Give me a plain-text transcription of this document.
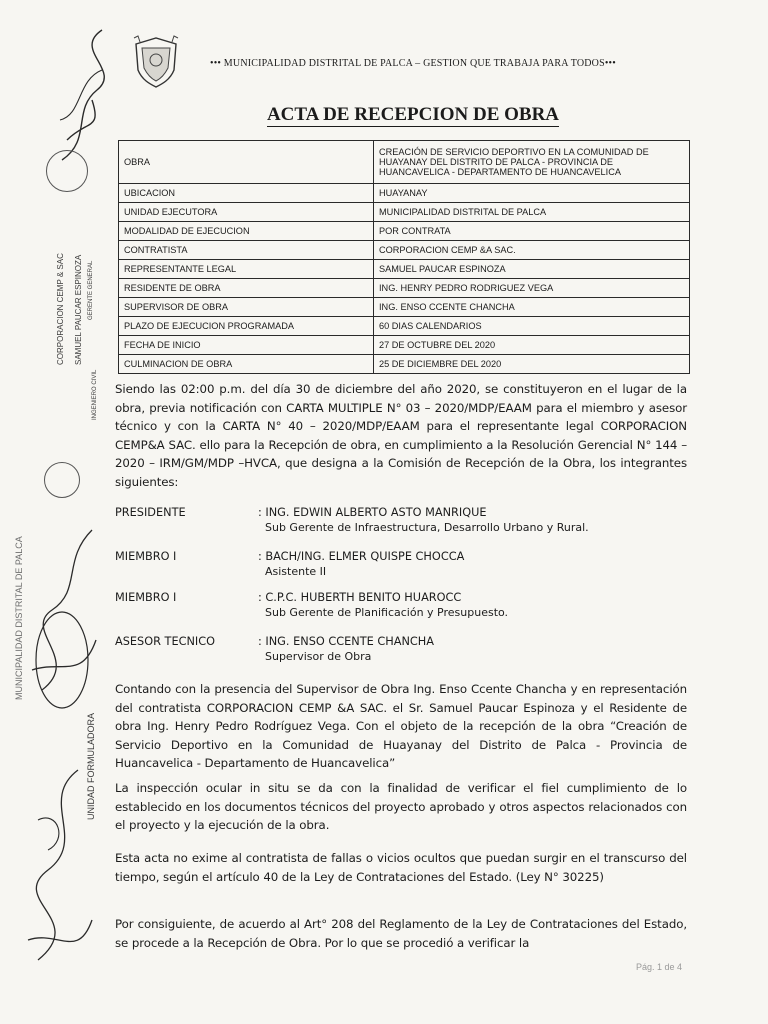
CORPORACION CEMP & SAC SAMUEL PAUCAR ESPINOZA GERENTE GENERAL
INGENIERO CIVIL
MUNICIPALIDAD DISTRITAL DE PALCA
UNIDAD FORMULADORA
••• MUNICIPALIDAD DISTRITAL DE PALCA – GESTION QUE TRABAJA PARA TODOS•••
ACTA DE RECEPCION DE OBRA
OBRA	CREACIÓN DE SERVICIO DEPORTIVO EN LA COMUNIDAD DE HUAYANAY DEL DISTRITO DE PALCA - PROVINCIA DE HUANCAVELICA - DEPARTAMENTO DE HUANCAVELICA
UBICACION	HUAYANAY
UNIDAD EJECUTORA	MUNICIPALIDAD DISTRITAL DE PALCA
MODALIDAD DE EJECUCION	POR CONTRATA
CONTRATISTA	CORPORACION CEMP &A SAC.
REPRESENTANTE LEGAL	SAMUEL PAUCAR ESPINOZA
RESIDENTE DE OBRA	ING. HENRY PEDRO RODRIGUEZ VEGA
SUPERVISOR DE OBRA	ING. ENSO CCENTE CHANCHA
PLAZO DE EJECUCION PROGRAMADA	60 DIAS CALENDARIOS
FECHA DE INICIO	27 DE OCTUBRE DEL 2020
CULMINACION DE OBRA	25 DE DICIEMBRE DEL 2020

Siendo las 02:00 p.m. del día 30 de diciembre del año 2020, se constituyeron en el lugar de la obra, previa notificación con CARTA MULTIPLE N° 03 – 2020/MDP/EAAM para el miembro y asesor técnico y con la CARTA N° 40 – 2020/MDP/EAAM para el representante legal CORPORACION CEMP&A SAC. ello para la Recepción de obra, en cumplimiento a la Resolución Gerencial N° 144 – 2020 – IRM/GM/MDP –HVCA, que designa a la Comisión de Recepción de la Obra, los integrantes siguientes:

PRESIDENTE	: ING. EDWIN ALBERTO ASTO MANRIQUE
Sub Gerente de Infraestructura, Desarrollo Urbano y Rural.
MIEMBRO I	: BACH/ING. ELMER QUISPE CHOCCA
Asistente II
MIEMBRO I	: C.P.C. HUBERTH BENITO HUAROCC
Sub Gerente de Planificación y Presupuesto.
ASESOR TECNICO	: ING. ENSO CCENTE CHANCHA
Supervisor de Obra

Contando con la presencia del Supervisor de Obra Ing. Enso Ccente Chancha y en representación del contratista CORPORACION CEMP &A SAC. el Sr. Samuel Paucar Espinoza y el Residente de obra Ing. Henry Pedro Rodríguez Vega. Con el objeto de la recepción de la obra “Creación de Servicio Deportivo en la Comunidad de Huayanay del Distrito de Palca - Provincia de Huancavelica - Departamento de Huancavelica”

La inspección ocular in situ se da con la finalidad de verificar el fiel cumplimiento de lo establecido en los documentos técnicos del proyecto aprobado y otros aspectos relacionados con el proyecto y la ejecución de la obra.

Esta acta no exime al contratista de fallas o vicios ocultos que puedan surgir en el transcurso del tiempo, según el artículo 40 de la Ley de Contrataciones del Estado. (Ley N° 30225)

Por consiguiente, de acuerdo al Art° 208 del Reglamento de la Ley de Contrataciones del Estado, se procede a la Recepción de Obra. Por lo que se procedió a verificar la

Pág. 1 de 4
